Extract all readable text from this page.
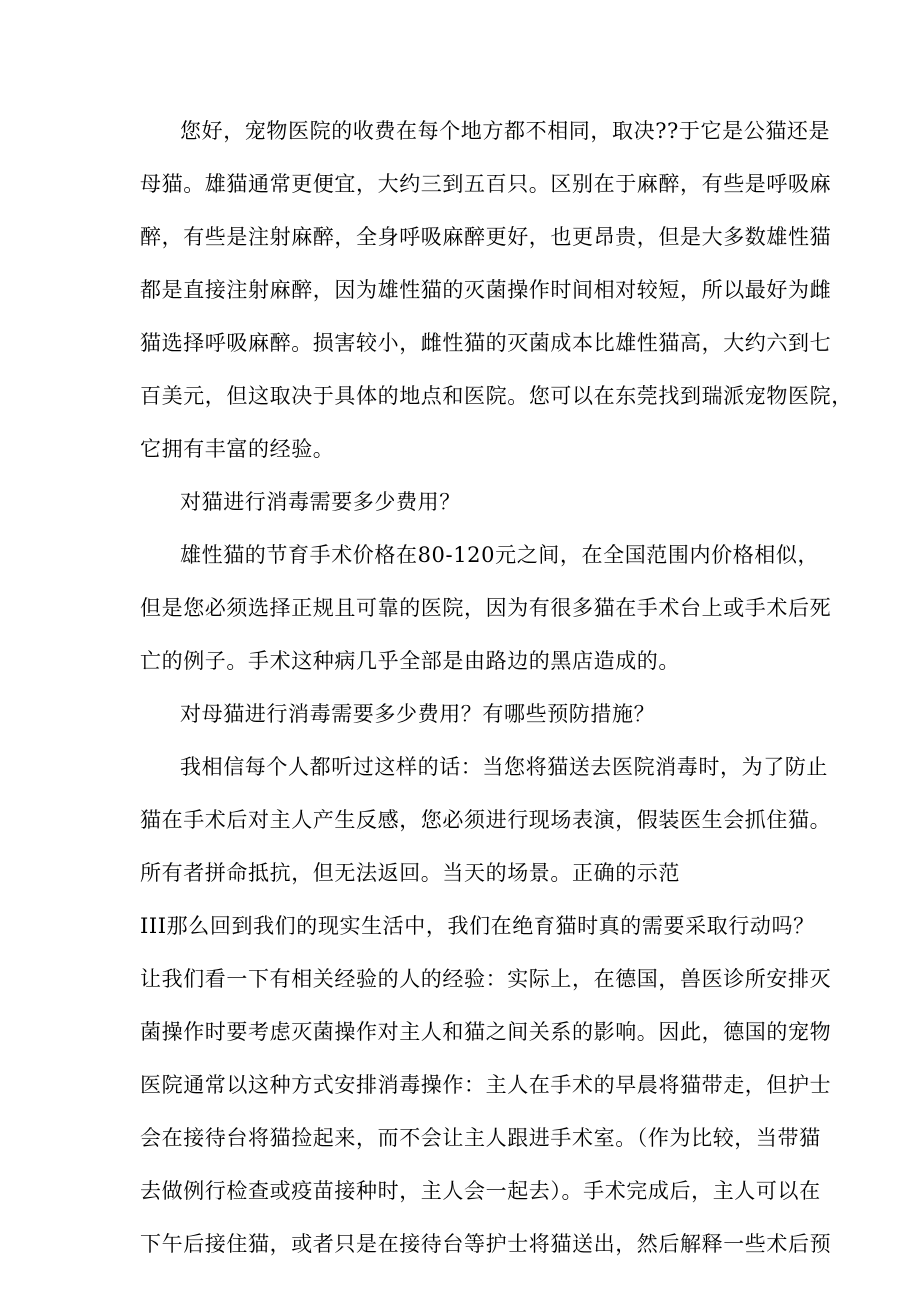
您好，宠物医院的收费在每个地方都不相同，取决??于它是公猫还是
母猫。雄猫通常更便宜，大约三到五百只。区别在于麻醉，有些是呼吸麻
醉，有些是注射麻醉，全身呼吸麻醉更好，也更昂贵，但是大多数雄性猫
都是直接注射麻醉，因为雄性猫的灭菌操作时间相对较短，所以最好为雌
猫选择呼吸麻醉。损害较小，雌性猫的灭菌成本比雄性猫高，大约六到七
百美元，但这取决于具体的地点和医院。您可以在东莞找到瑞派宠物医院，
它拥有丰富的经验。
对猫进行消毒需要多少费用？
雄性猫的节育手术价格在80-120元之间，在全国范围内价格相似，
但是您必须选择正规且可靠的医院，因为有很多猫在手术台上或手术后死
亡的例子。手术这种病几乎全部是由路边的黑店造成的。
对母猫进行消毒需要多少费用？有哪些预防措施？
我相信每个人都听过这样的话：当您将猫送去医院消毒时，为了防止
猫在手术后对主人产生反感，您必须进行现场表演，假装医生会抓住猫。
所有者拼命抵抗，但无法返回。当天的场景。正确的示范
III那么回到我们的现实生活中，我们在绝育猫时真的需要采取行动吗？
让我们看一下有相关经验的人的经验：实际上，在德国，兽医诊所安排灭
菌操作时要考虑灭菌操作对主人和猫之间关系的影响。因此，德国的宠物
医院通常以这种方式安排消毒操作：主人在手术的早晨将猫带走，但护士
会在接待台将猫捡起来，而不会让主人跟进手术室。（作为比较，当带猫
去做例行检查或疫苗接种时，主人会一起去）。手术完成后，主人可以在
下午后接住猫，或者只是在接待台等护士将猫送出，然后解释一些术后预
